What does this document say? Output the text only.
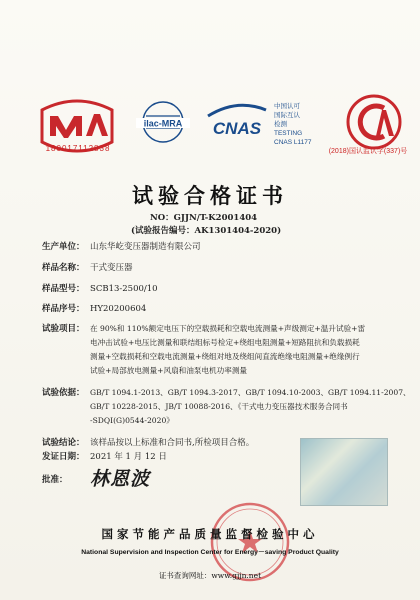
180017112838
ilac-MRA CNAS
中国认可
国际互认
检测
TESTING
CNAS L1177
(2018)国认监认字(337)号
试验合格证书
NO：GJJN/T-K2001404
(试验报告编号：AK1301404-2020)
生产单位： 山东华屹变压器制造有限公司
样品名称： 干式变压器
样品型号： SCB13-2500/10
样品序号： HY20200604
试验项目： 在 90%和 110%额定电压下的空载损耗和空载电流测量+声级测定+温升试验+雷
电冲击试验+电压比测量和联结组标号检定+绕组电阻测量+短路阻抗和负载损耗
测量+空载损耗和空载电流测量+绕组对地及绕组间直流绝缘电阻测量+绝缘例行
试验+局部放电测量+风扇和油泵电机功率测量
试验依据： GB/T 1094.1-2013、GB/T 1094.3-2017、GB/T 1094.10-2003、GB/T 1094.11-2007、
GB/T 10228-2015、JB/T 10088-2016、《干式电力变压器技术服务合同书
-SDQI(G)0544-2020》
试验结论： 该样品按以上标准和合同书,所检项目合格。
发证日期： 2021 年 1 月 12 日
批准： 林恩波
国家节能产品质量监督检验中心
National Supervision and Inspection Center for Energy－saving Product Quality
证书查询网址：www.gjjn.net
